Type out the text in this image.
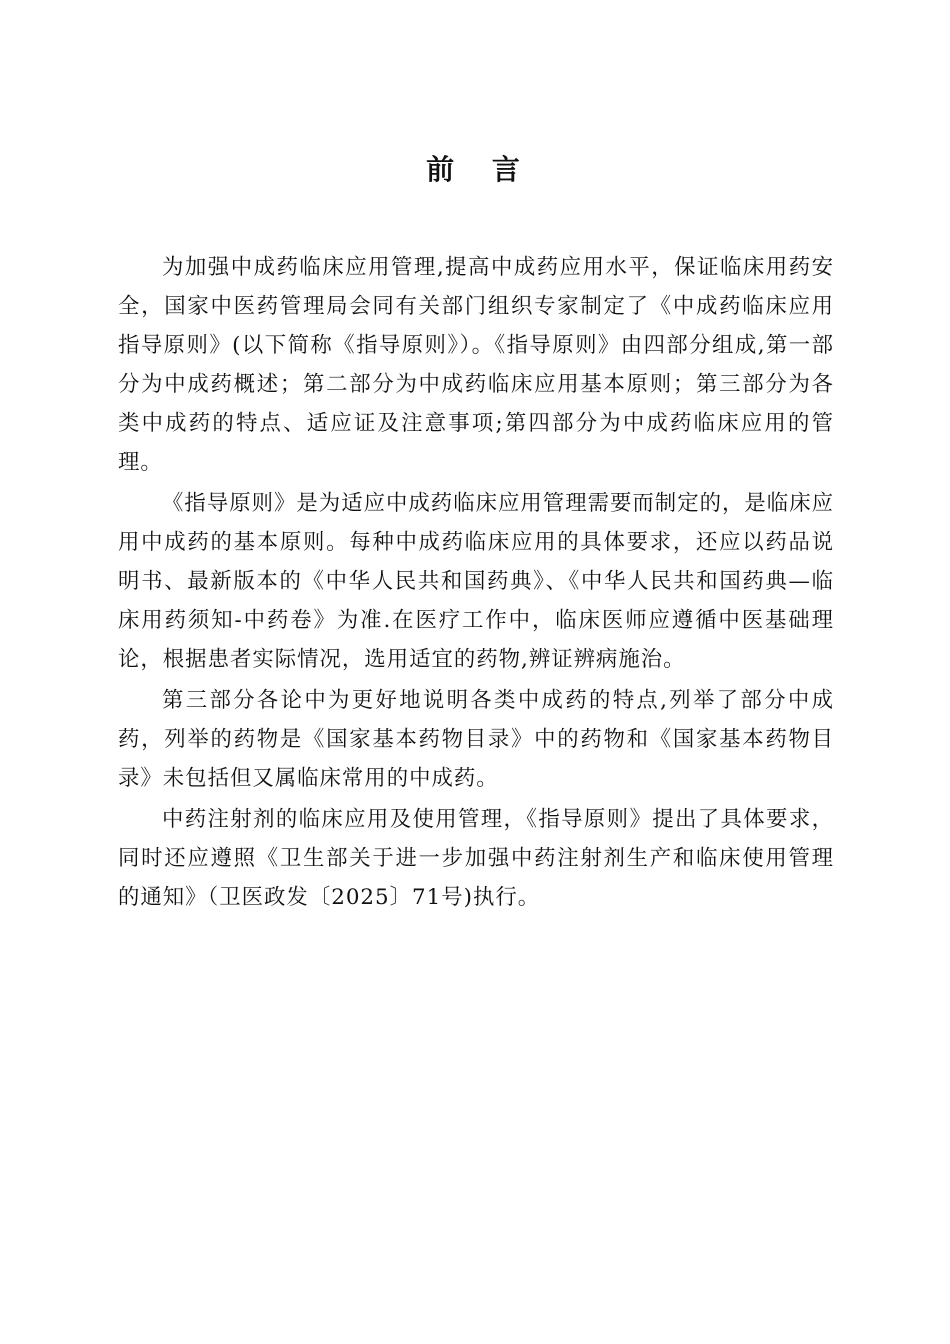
前 言

为加强中成药临床应用管理,提高中成药应用水平，保证临床用药安全，国家中医药管理局会同有关部门组织专家制定了《中成药临床应用指导原则》(以下简称《指导原则》）。《指导原则》由四部分组成,第一部分为中成药概述；第二部分为中成药临床应用基本原则；第三部分为各类中成药的特点、适应证及注意事项;第四部分为中成药临床应用的管理。

《指导原则》是为适应中成药临床应用管理需要而制定的，是临床应用中成药的基本原则。每种中成药临床应用的具体要求，还应以药品说明书、最新版本的《中华人民共和国药典》、《中华人民共和国药典—临床用药须知-中药卷》为准.在医疗工作中，临床医师应遵循中医基础理论，根据患者实际情况，选用适宜的药物,辨证辨病施治。

第三部分各论中为更好地说明各类中成药的特点,列举了部分中成药，列举的药物是《国家基本药物目录》中的药物和《国家基本药物目录》未包括但又属临床常用的中成药。

中药注射剂的临床应用及使用管理，《指导原则》提出了具体要求，同时还应遵照《卫生部关于进一步加强中药注射剂生产和临床使用管理的通知》（卫医政发〔2025〕71号)执行。
